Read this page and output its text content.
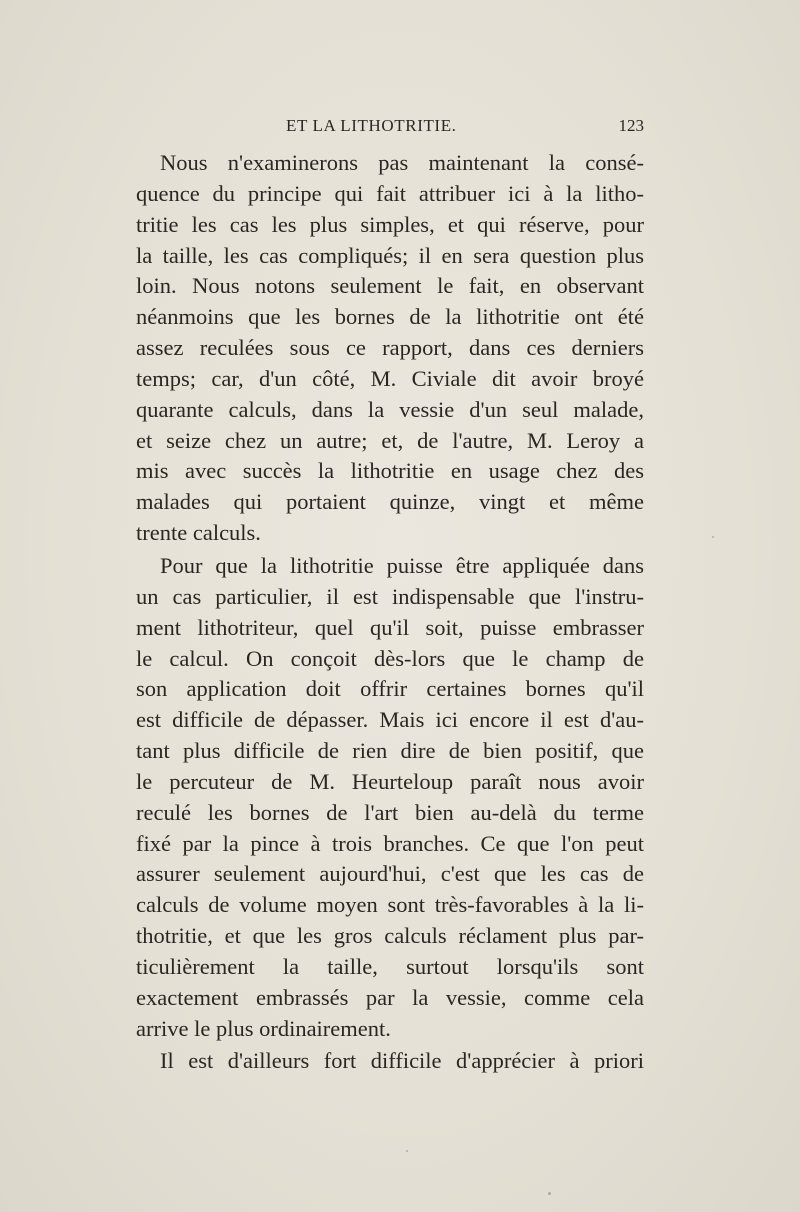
ET LA LITHOTRITIE.	123
Nous n'examinerons pas maintenant la consé-
quence du principe qui fait attribuer ici à la litho-
tritie les cas les plus simples, et qui réserve, pour
la taille, les cas compliqués; il en sera question plus
loin. Nous notons seulement le fait, en observant
néanmoins que les bornes de la lithotritie ont été
assez reculées sous ce rapport, dans ces derniers
temps; car, d'un côté, M. Civiale dit avoir broyé
quarante calculs, dans la vessie d'un seul malade,
et seize chez un autre; et, de l'autre, M. Leroy a
mis avec succès la lithotritie en usage chez des
malades qui portaient quinze, vingt et même
trente calculs.
Pour que la lithotritie puisse être appliquée dans
un cas particulier, il est indispensable que l'instru-
ment lithotriteur, quel qu'il soit, puisse embrasser
le calcul. On conçoit dès-lors que le champ de
son application doit offrir certaines bornes qu'il
est difficile de dépasser. Mais ici encore il est d'au-
tant plus difficile de rien dire de bien positif, que
le percuteur de M. Heurteloup paraît nous avoir
reculé les bornes de l'art bien au-delà du terme
fixé par la pince à trois branches. Ce que l'on peut
assurer seulement aujourd'hui, c'est que les cas de
calculs de volume moyen sont très-favorables à la li-
thotritie, et que les gros calculs réclament plus par-
ticulièrement la taille, surtout lorsqu'ils sont
exactement embrassés par la vessie, comme cela
arrive le plus ordinairement.
Il est d'ailleurs fort difficile d'apprécier à priori
